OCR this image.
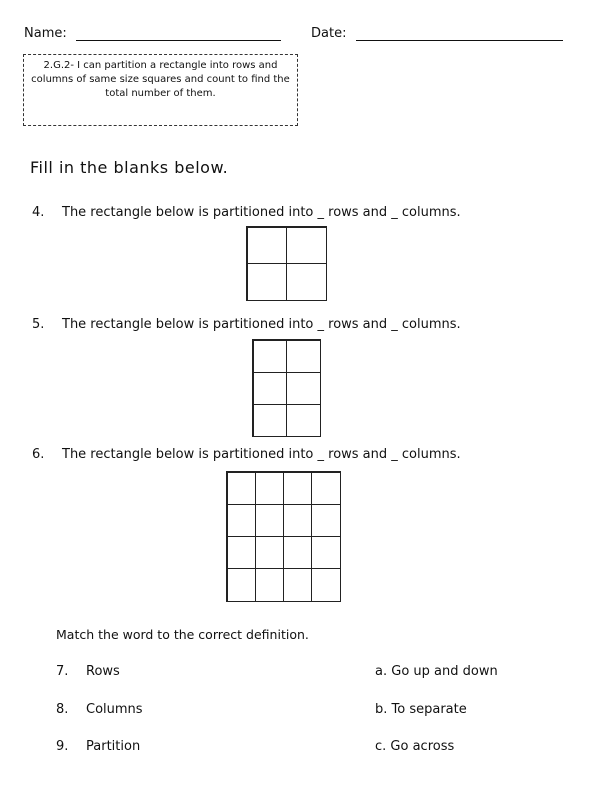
Name:	Date:
2.G.2- I can partition a rectangle into rows and columns of same size squares and count to find the total number of them.
Fill in the blanks below.
4. The rectangle below is partitioned into _ rows and _ columns.
5. The rectangle below is partitioned into _ rows and _ columns.
6. The rectangle below is partitioned into _ rows and _ columns.
Match the word to the correct definition.
7. Rows
8. Columns
9. Partition
a. Go up and down
b. To separate
c. Go across
